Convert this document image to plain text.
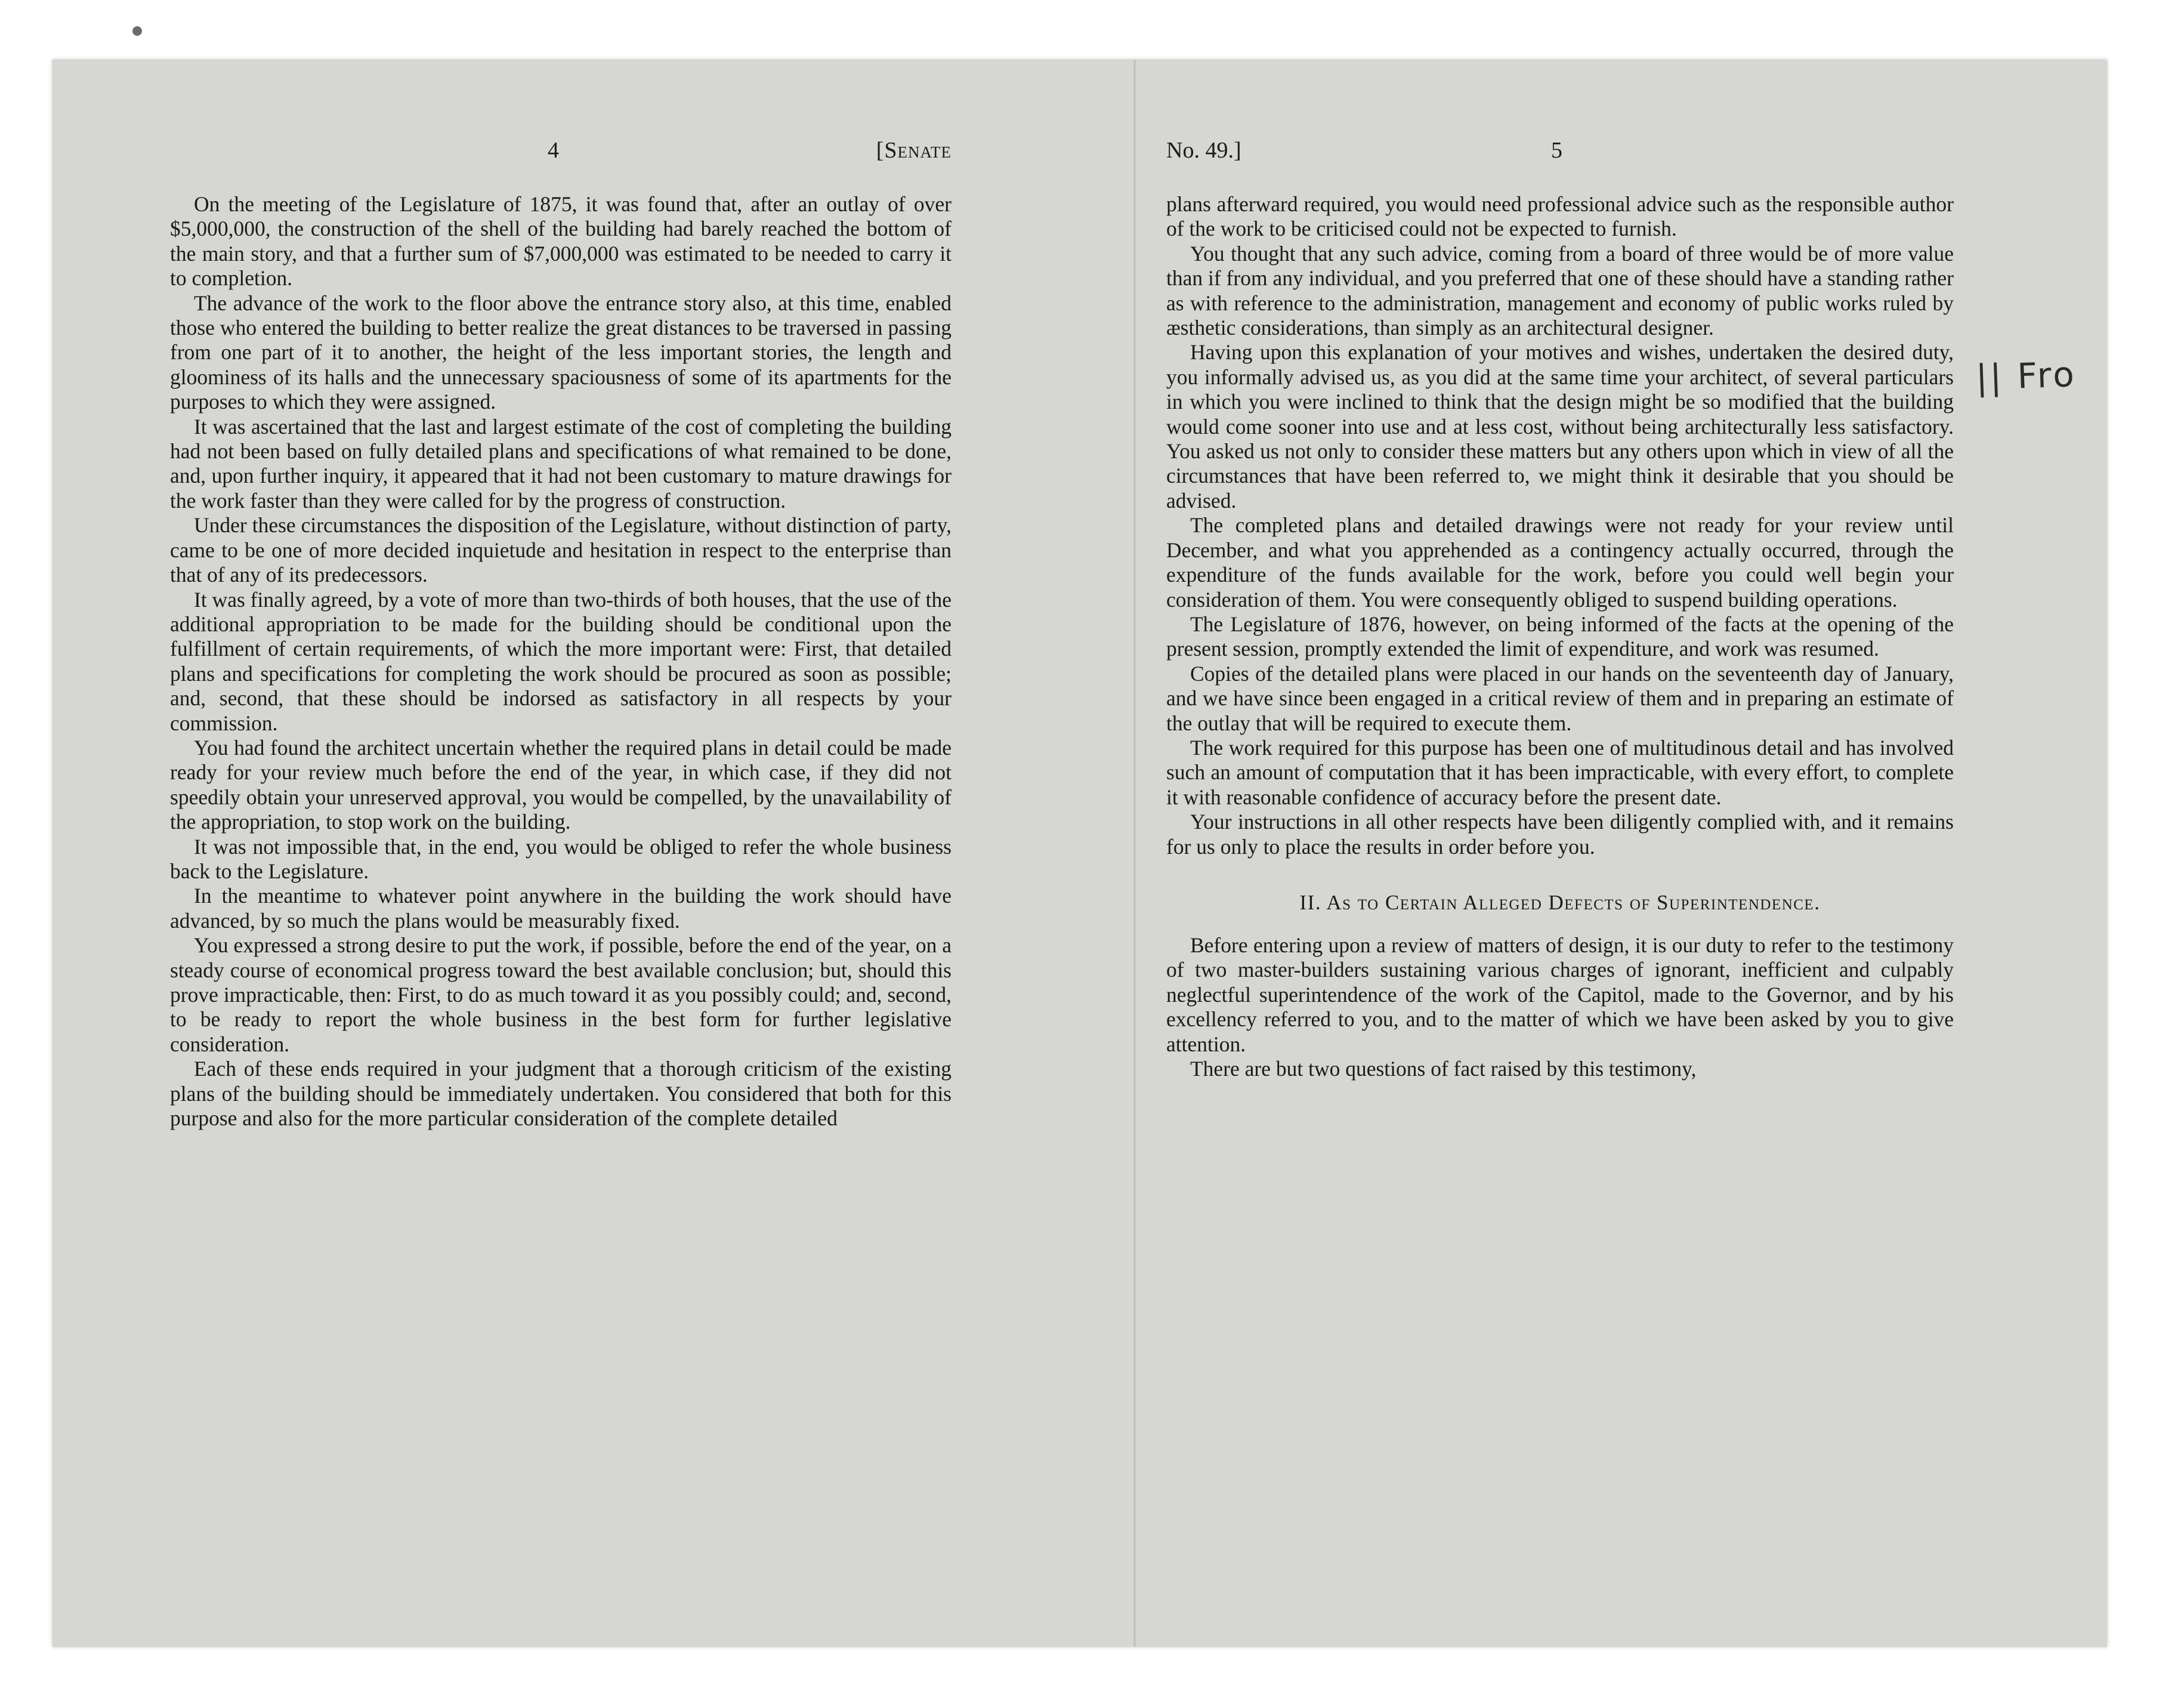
4	[Senate

On the meeting of the Legislature of 1875, it was found that, after an outlay of over $5,000,000, the construction of the shell of the building had barely reached the bottom of the main story, and that a further sum of $7,000,000 was estimated to be needed to carry it to completion.

The advance of the work to the floor above the entrance story also, at this time, enabled those who entered the building to better realize the great distances to be traversed in passing from one part of it to another, the height of the less important stories, the length and gloominess of its halls and the unnecessary spaciousness of some of its apartments for the purposes to which they were assigned.

It was ascertained that the last and largest estimate of the cost of completing the building had not been based on fully detailed plans and specifications of what remained to be done, and, upon further inquiry, it appeared that it had not been customary to mature drawings for the work faster than they were called for by the progress of construction.

Under these circumstances the disposition of the Legislature, without distinction of party, came to be one of more decided inquietude and hesitation in respect to the enterprise than that of any of its predecessors.

It was finally agreed, by a vote of more than two-thirds of both houses, that the use of the additional appropriation to be made for the building should be conditional upon the fulfillment of certain requirements, of which the more important were: First, that detailed plans and specifications for completing the work should be procured as soon as possible; and, second, that these should be indorsed as satisfactory in all respects by your commission.

You had found the architect uncertain whether the required plans in detail could be made ready for your review much before the end of the year, in which case, if they did not speedily obtain your unreserved approval, you would be compelled, by the unavailability of the appropriation, to stop work on the building.

It was not impossible that, in the end, you would be obliged to refer the whole business back to the Legislature.

In the meantime to whatever point anywhere in the building the work should have advanced, by so much the plans would be measurably fixed.

You expressed a strong desire to put the work, if possible, before the end of the year, on a steady course of economical progress toward the best available conclusion; but, should this prove impracticable, then: First, to do as much toward it as you possibly could; and, second, to be ready to report the whole business in the best form for further legislative consideration.

Each of these ends required in your judgment that a thorough criticism of the existing plans of the building should be immediately undertaken. You considered that both for this purpose and also for the more particular consideration of the complete detailed

No. 49.]	5

plans afterward required, you would need professional advice such as the responsible author of the work to be criticised could not be expected to furnish.

You thought that any such advice, coming from a board of three would be of more value than if from any individual, and you preferred that one of these should have a standing rather as with reference to the administration, management and economy of public works ruled by æsthetic considerations, than simply as an architectural designer.

Having upon this explanation of your motives and wishes, undertaken the desired duty, you informally advised us, as you did at the same time your architect, of several particulars in which you were inclined to think that the design might be so modified that the building would come sooner into use and at less cost, without being architecturally less satisfactory. You asked us not only to consider these matters but any others upon which in view of all the circumstances that have been referred to, we might think it desirable that you should be advised.

The completed plans and detailed drawings were not ready for your review until December, and what you apprehended as a contingency actually occurred, through the expenditure of the funds available for the work, before you could well begin your consideration of them. You were consequently obliged to suspend building operations.

The Legislature of 1876, however, on being informed of the facts at the opening of the present session, promptly extended the limit of expenditure, and work was resumed.

Copies of the detailed plans were placed in our hands on the seventeenth day of January, and we have since been engaged in a critical review of them and in preparing an estimate of the outlay that will be required to execute them.

The work required for this purpose has been one of multitudinous detail and has involved such an amount of computation that it has been impracticable, with every effort, to complete it with reasonable confidence of accuracy before the present date.

Your instructions in all other respects have been diligently complied with, and it remains for us only to place the results in order before you.

II. As to Certain Alleged Defects of Superintendence.

Before entering upon a review of matters of design, it is our duty to refer to the testimony of two master-builders sustaining various charges of ignorant, inefficient and culpably neglectful superintendence of the work of the Capitol, made to the Governor, and by his excellency referred to you, and to the matter of which we have been asked by you to give attention.

There are but two questions of fact raised by this testimony,

|| Fro
